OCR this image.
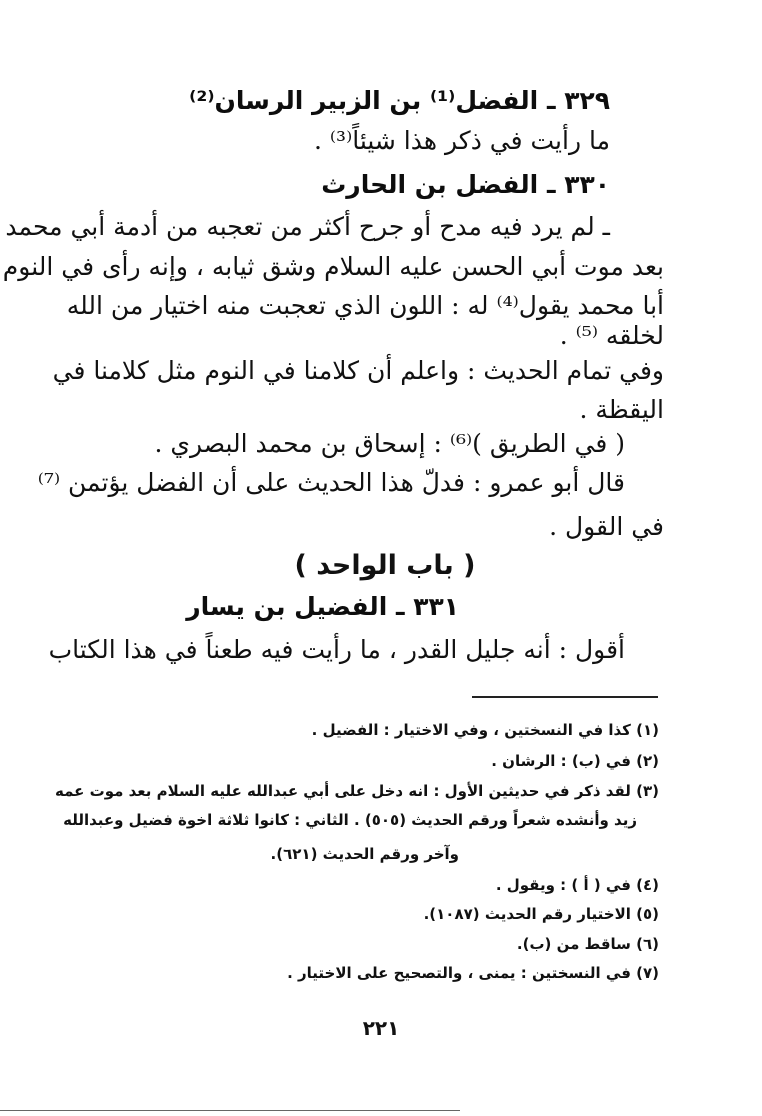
٣٢٩ ـ الفضل⁽¹⁾ بن الزبير الرسان⁽²⁾
ما رأيت في ذكر هذا شيئاً⁽³⁾ .
٣٣٠ ـ الفضل بن الحارث
ـ لم يرد فيه مدح أو جرح أكثر من تعجبه من أدمة أبي محمد
بعد موت أبي الحسن عليه السلام وشق ثيابه ، وإنه رأى في النوم
أبا محمد يقول⁽⁴⁾ له : اللون الذي تعجبت منه اختيار من الله
لخلقه ⁽⁵⁾ .
وفي تمام الحديث : واعلم أن كلامنا في النوم مثل كلامنا في
اليقظة .
( في الطريق )⁽⁶⁾ : إسحاق بن محمد البصري .
قال أبو عمرو : فدلّ هذا الحديث على أن الفضل يؤتمن ⁽⁷⁾
في القول .
( باب الواحد )
٣٣١ ـ الفضيل بن يسار
أقول : أنه جليل القدر ، ما رأيت فيه طعناً في هذا الكتاب
(١) كذا في النسختين ، وفي الاختيار : الفضيل .
(٢) في (ب) : الرشان .
(٣) لقد ذكر في حديثين الأول : انه دخل على أبي عبدالله عليه السلام بعد موت عمه
زيد وأنشده شعراً ورقم الحديث (٥٠٥) . الثاني : كانوا ثلاثة اخوة فضيل وعبدالله
وآخر ورقم الحديث (٦٢١).
(٤) في ( أ ) : ويقول .
(٥) الاختيار رقم الحديث (١٠٨٧).
(٦) ساقط من (ب).
(٧) في النسختين : يمنى ، والتصحيح على الاختيار .
٢٢١
